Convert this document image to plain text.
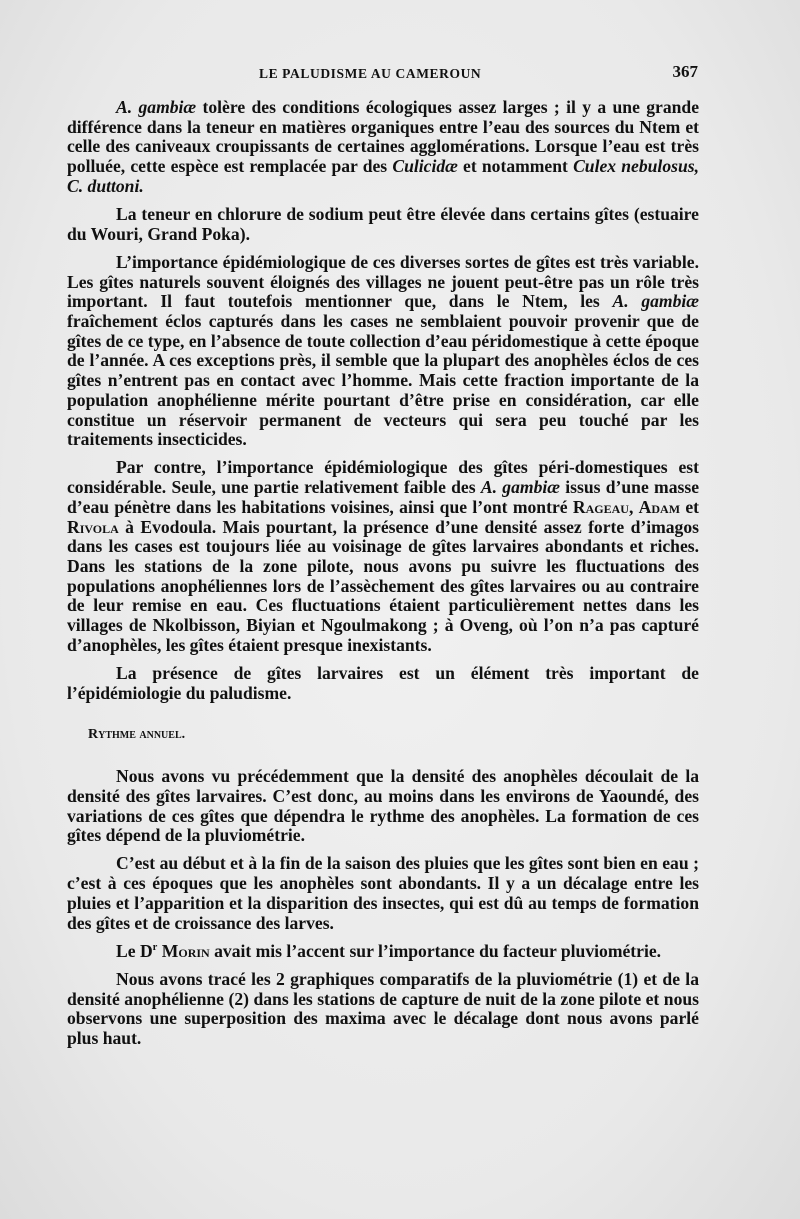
LE PALUDISME AU CAMEROUN	367

A. gambiæ tolère des conditions écologiques assez larges ; il y a une grande différence dans la teneur en matières organiques entre l’eau des sources du Ntem et celle des caniveaux croupissants de certaines agglomérations. Lorsque l’eau est très polluée, cette espèce est remplacée par des Culicidæ et notamment Culex nebulosus, C. duttoni.

La teneur en chlorure de sodium peut être élevée dans certains gîtes (estuaire du Wouri, Grand Poka).

L’importance épidémiologique de ces diverses sortes de gîtes est très variable. Les gîtes naturels souvent éloignés des villages ne jouent peut-être pas un rôle très important. Il faut toutefois mentionner que, dans le Ntem, les A. gambiæ fraîchement éclos capturés dans les cases ne semblaient pouvoir provenir que de gîtes de ce type, en l’absence de toute collection d’eau péridomestique à cette époque de l’année. A ces exceptions près, il semble que la plupart des anophèles éclos de ces gîtes n’entrent pas en contact avec l’homme. Mais cette fraction importante de la population anophélienne mérite pourtant d’être prise en considération, car elle constitue un réservoir permanent de vecteurs qui sera peu touché par les traitements insecticides.

Par contre, l’importance épidémiologique des gîtes péri-domestiques est considérable. Seule, une partie relativement faible des A. gambiæ issus d’une masse d’eau pénètre dans les habitations voisines, ainsi que l’ont montré Rageau, Adam et Rivola à Evodoula. Mais pourtant, la présence d’une densité assez forte d’imagos dans les cases est toujours liée au voisinage de gîtes larvaires abondants et riches. Dans les stations de la zone pilote, nous avons pu suivre les fluctuations des populations anophéliennes lors de l’assèchement des gîtes larvaires ou au contraire de leur remise en eau. Ces fluctuations étaient particulièrement nettes dans les villages de Nkolbisson, Biyian et Ngoulmakong ; à Oveng, où l’on n’a pas capturé d’anophèles, les gîtes étaient presque inexistants.

La présence de gîtes larvaires est un élément très important de l’épidémiologie du paludisme.

Rythme annuel.

Nous avons vu précédemment que la densité des anophèles découlait de la densité des gîtes larvaires. C’est donc, au moins dans les environs de Yaoundé, des variations de ces gîtes que dépendra le rythme des anophèles. La formation de ces gîtes dépend de la pluviométrie.

C’est au début et à la fin de la saison des pluies que les gîtes sont bien en eau ; c’est à ces époques que les anophèles sont abondants. Il y a un décalage entre les pluies et l’apparition et la disparition des insectes, qui est dû au temps de formation des gîtes et de croissance des larves.

Le $D^r$ Morin avait mis l’accent sur l’importance du facteur pluviométrie.

Nous avons tracé les 2 graphiques comparatifs de la pluviométrie (1) et de la densité anophélienne (2) dans les stations de capture de nuit de la zone pilote et nous observons une superposition des maxima avec le décalage dont nous avons parlé plus haut.
